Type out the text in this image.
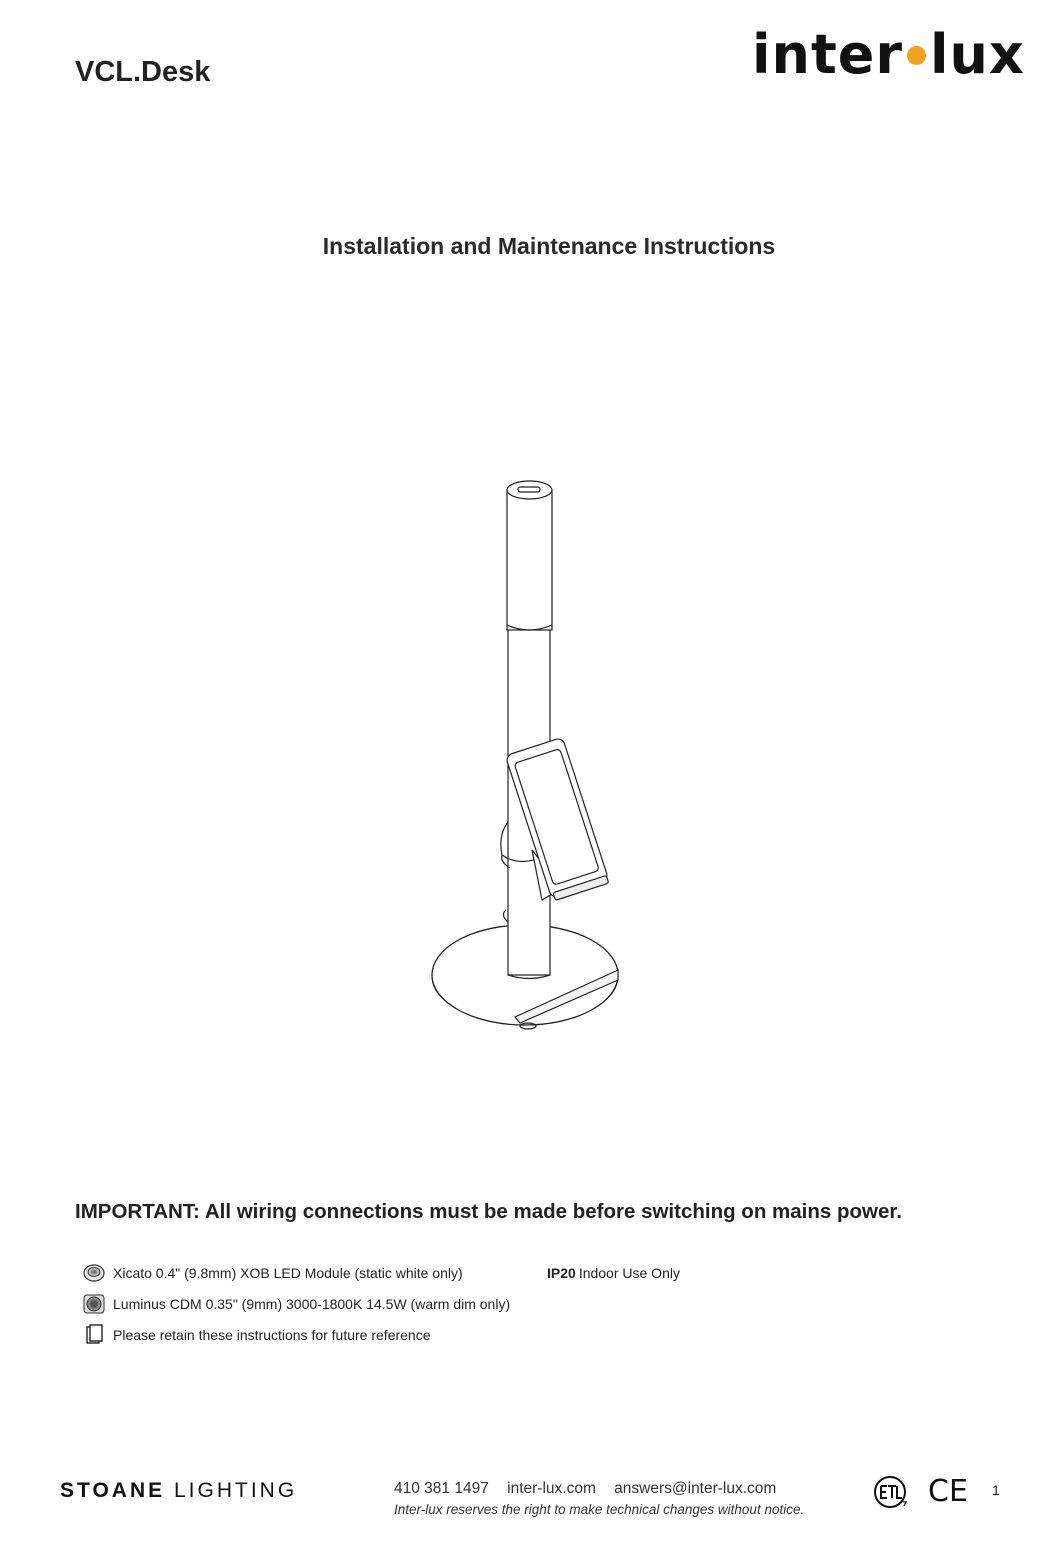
VCL.Desk	inter lux
Installation and Maintenance Instructions
IMPORTANT: All wiring connections must be made before switching on mains power.
Xicato 0.4" (9.8mm) XOB LED Module (static white only)
Luminus CDM 0.35" (9mm) 3000-1800K 14.5W (warm dim only)
Please retain these instructions for future reference
IP20 Indoor Use Only
STOANE LIGHTING	410 381 1497 inter-lux.com answers@inter-lux.com
Inter-lux reserves the right to make technical changes without notice.
CE 1
